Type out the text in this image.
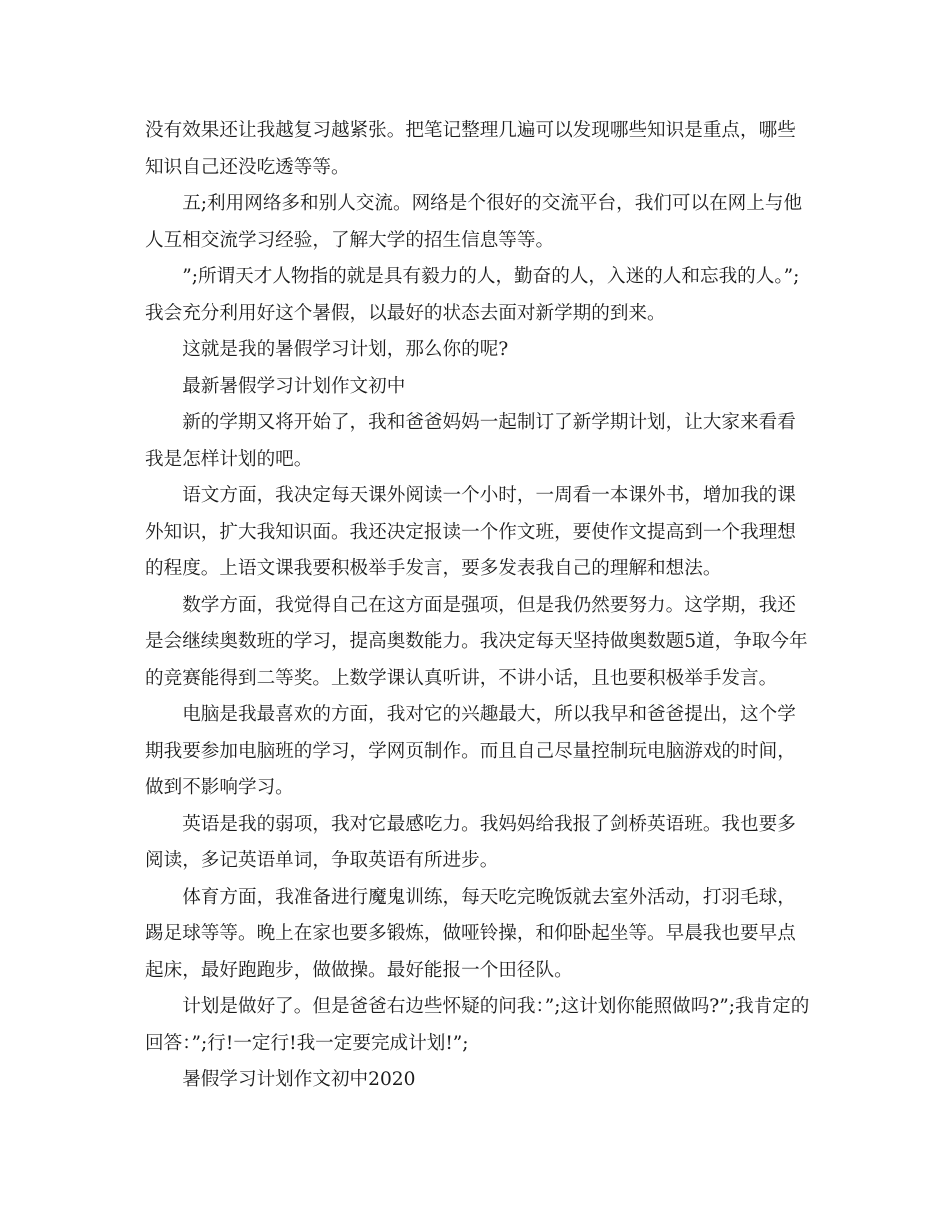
没有效果还让我越复习越紧张。把笔记整理几遍可以发现哪些知识是重点，哪些知识自己还没吃透等等。

五;利用网络多和别人交流。网络是个很好的交流平台，我们可以在网上与他人互相交流学习经验，了解大学的招生信息等等。

”;所谓天才人物指的就是具有毅力的人，勤奋的人，入迷的人和忘我的人。”;我会充分利用好这个暑假，以最好的状态去面对新学期的到来。

这就是我的暑假学习计划，那么你的呢?

最新暑假学习计划作文初中

新的学期又将开始了，我和爸爸妈妈一起制订了新学期计划，让大家来看看我是怎样计划的吧。

语文方面，我决定每天课外阅读一个小时，一周看一本课外书，增加我的课外知识，扩大我知识面。我还决定报读一个作文班，要使作文提高到一个我理想的程度。上语文课我要积极举手发言，要多发表我自己的理解和想法。

数学方面，我觉得自己在这方面是强项，但是我仍然要努力。这学期，我还是会继续奥数班的学习，提高奥数能力。我决定每天坚持做奥数题5道，争取今年的竞赛能得到二等奖。上数学课认真听讲，不讲小话，且也要积极举手发言。

电脑是我最喜欢的方面，我对它的兴趣最大，所以我早和爸爸提出，这个学期我要参加电脑班的学习，学网页制作。而且自己尽量控制玩电脑游戏的时间，做到不影响学习。

英语是我的弱项，我对它最感吃力。我妈妈给我报了剑桥英语班。我也要多阅读，多记英语单词，争取英语有所进步。

体育方面，我准备进行魔鬼训练，每天吃完晚饭就去室外活动，打羽毛球，踢足球等等。晚上在家也要多锻炼，做哑铃操，和仰卧起坐等。早晨我也要早点起床，最好跑跑步，做做操。最好能报一个田径队。

计划是做好了。但是爸爸右边些怀疑的问我：”;这计划你能照做吗?”;我肯定的回答：”;行!一定行!我一定要完成计划!”;

暑假学习计划作文初中2020
